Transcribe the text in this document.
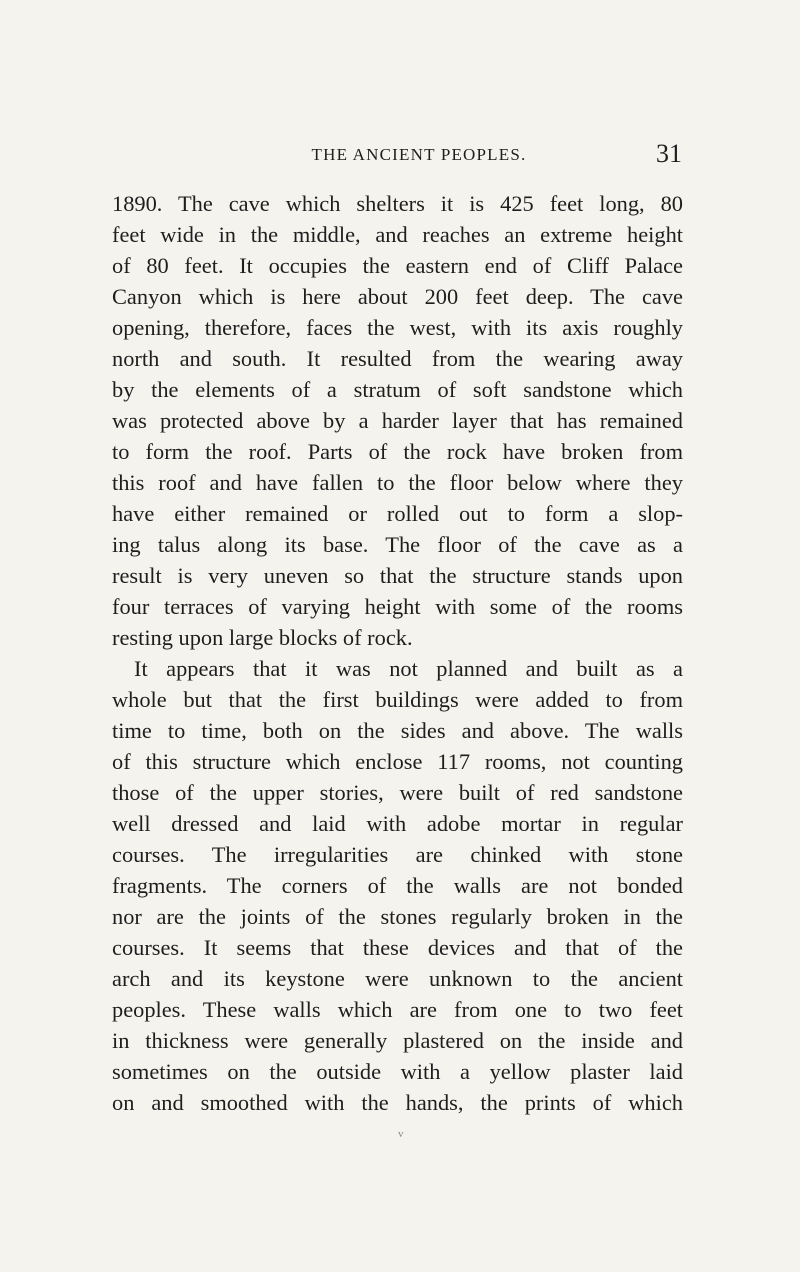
THE ANCIENT PEOPLES.	31
1890. The cave which shelters it is 425 feet long, 80
feet wide in the middle, and reaches an extreme height
of 80 feet. It occupies the eastern end of Cliff Palace
Canyon which is here about 200 feet deep. The cave
opening, therefore, faces the west, with its axis roughly
north and south. It resulted from the wearing away
by the elements of a stratum of soft sandstone which
was protected above by a harder layer that has remained
to form the roof. Parts of the rock have broken from
this roof and have fallen to the floor below where they
have either remained or rolled out to form a slop-
ing talus along its base. The floor of the cave as a
result is very uneven so that the structure stands upon
four terraces of varying height with some of the rooms
resting upon large blocks of rock.
It appears that it was not planned and built as a
whole but that the first buildings were added to from
time to time, both on the sides and above. The walls
of this structure which enclose 117 rooms, not counting
those of the upper stories, were built of red sandstone
well dressed and laid with adobe mortar in regular
courses. The irregularities are chinked with stone
fragments. The corners of the walls are not bonded
nor are the joints of the stones regularly broken in the
courses. It seems that these devices and that of the
arch and its keystone were unknown to the ancient
peoples. These walls which are from one to two feet
in thickness were generally plastered on the inside and
sometimes on the outside with a yellow plaster laid
on and smoothed with the hands, the prints of which
v
